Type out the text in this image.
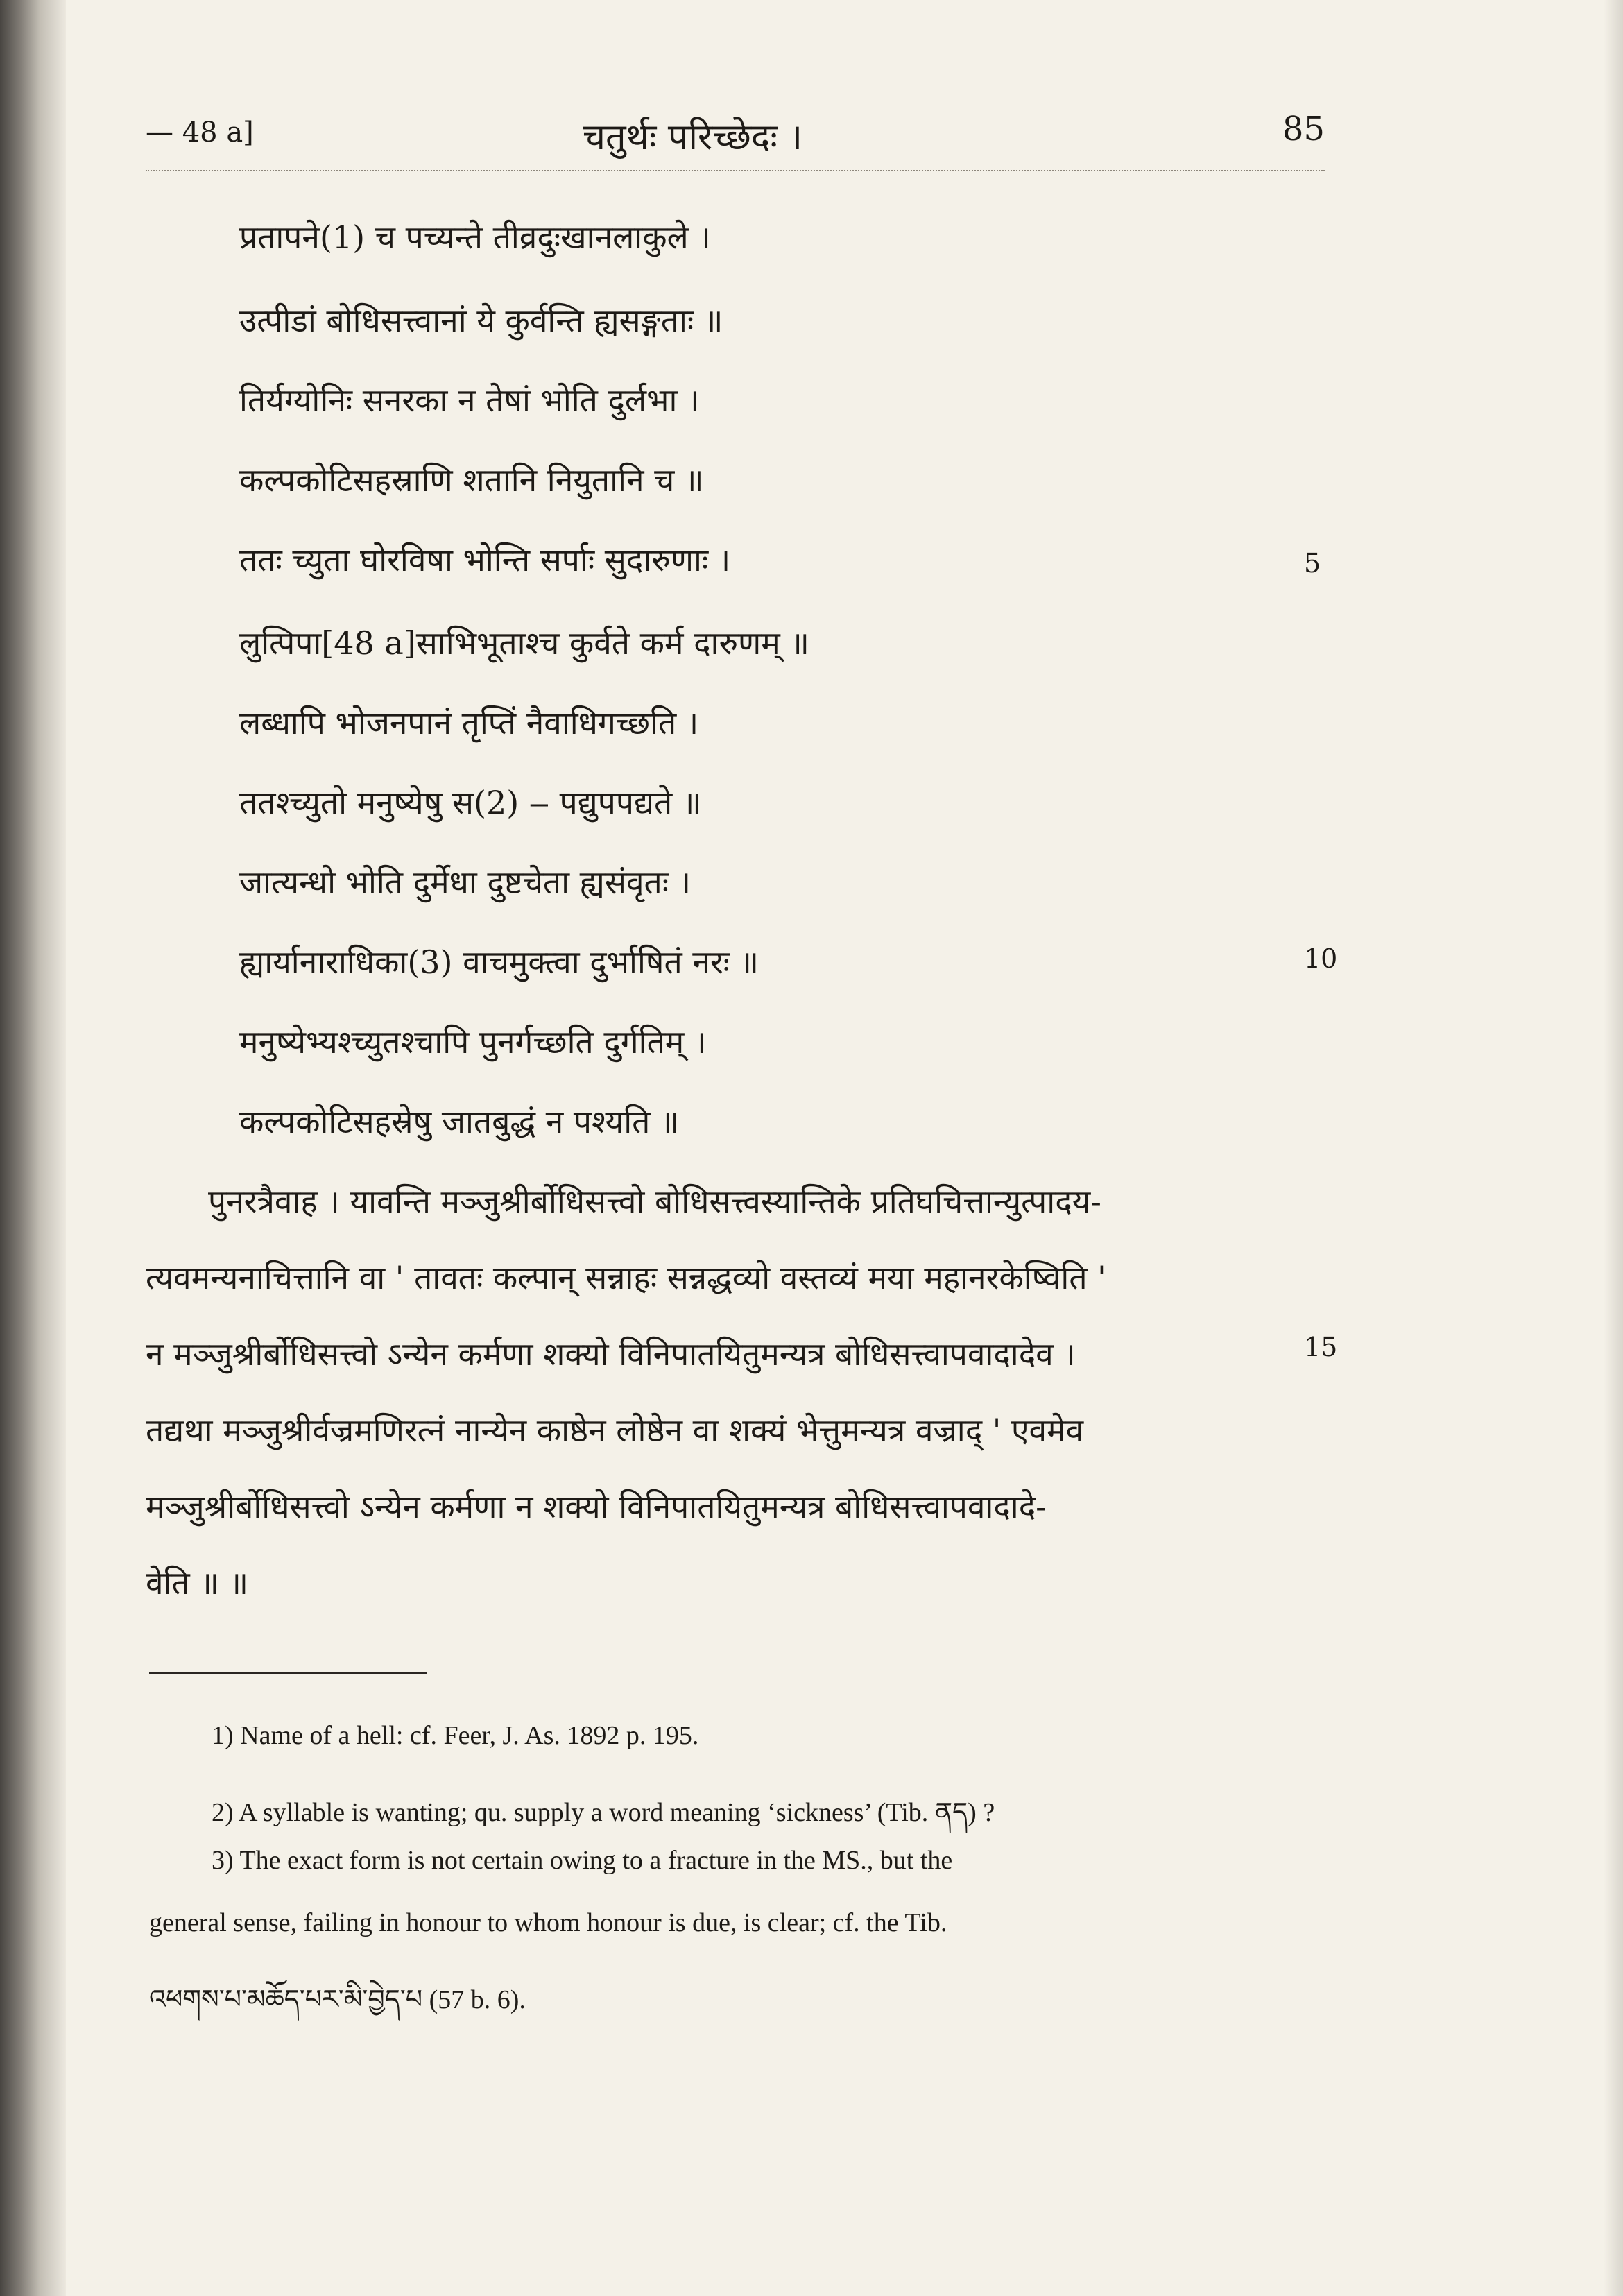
— 48 a]	चतुर्थः परिच्छेदः ।	85
प्रतापने(1) च पच्यन्ते तीव्रदुःखानलाकुले ।
उत्पीडां बोधिसत्त्वानां ये कुर्वन्ति ह्यसङ्गताः ॥
तिर्यग्योनिः सनरका न तेषां भोति दुर्लभा ।
कल्पकोटिसहस्राणि शतानि नियुतानि च ॥
ततः च्युता घोरविषा भोन्ति सर्पाः सुदारुणाः ।
लुत्पिपा[48 a]साभिभूताश्च कुर्वते कर्म दारुणम् ॥
लब्धापि भोजनपानं तृप्तिं नैवाधिगच्छति ।
ततश्च्युतो मनुष्येषु स(2) ​‒​ पद्युपपद्यते ॥
जात्यन्धो भोति दुर्मेधा दुष्टचेता ह्यसंवृतः ।
ह्यार्यानाराधिका(3) वाचमुक्त्वा दुर्भाषितं नरः ॥
मनुष्येभ्यश्च्युतश्चापि पुनर्गच्छति दुर्गतिम् ।
कल्पकोटिसहस्रेषु जातबुद्धं न पश्यति ॥
5
10
15
पुनरत्रैवाह । यावन्ति मञ्जुश्रीर्बोधिसत्त्वो बोधिसत्त्वस्यान्तिके प्रतिघचित्तान्युत्पादय-
त्यवमन्यनाचित्तानि वा ' तावतः कल्पान् सन्नाहः सन्नद्धव्यो वस्तव्यं मया महानरकेष्विति '
न मञ्जुश्रीर्बोधिसत्त्वो ऽन्येन कर्मणा शक्यो विनिपातयितुमन्यत्र बोधिसत्त्वापवादादेव ।
तद्यथा मञ्जुश्रीर्वज्रमणिरत्नं नान्येन काष्ठेन लोष्ठेन वा शक्यं भेत्तुमन्यत्र वज्राद् ' एवमेव
मञ्जुश्रीर्बोधिसत्त्वो ऽन्येन कर्मणा न शक्यो विनिपातयितुमन्यत्र बोधिसत्त्वापवादादे-
वेति ॥ ॥
1) Name of a hell: cf. Feer, J. As. 1892 p. 195.
2) A syllable is wanting; qu. supply a word meaning ‘sickness’ (Tib. ནད) ?
3) The exact form is not certain owing to a fracture in the MS., but the
general sense, failing in honour to whom honour is due, is clear; cf. the Tib.
འཕགས་པ་མཆོད་པར་མི་བྱེད་པ (57 b. 6).
